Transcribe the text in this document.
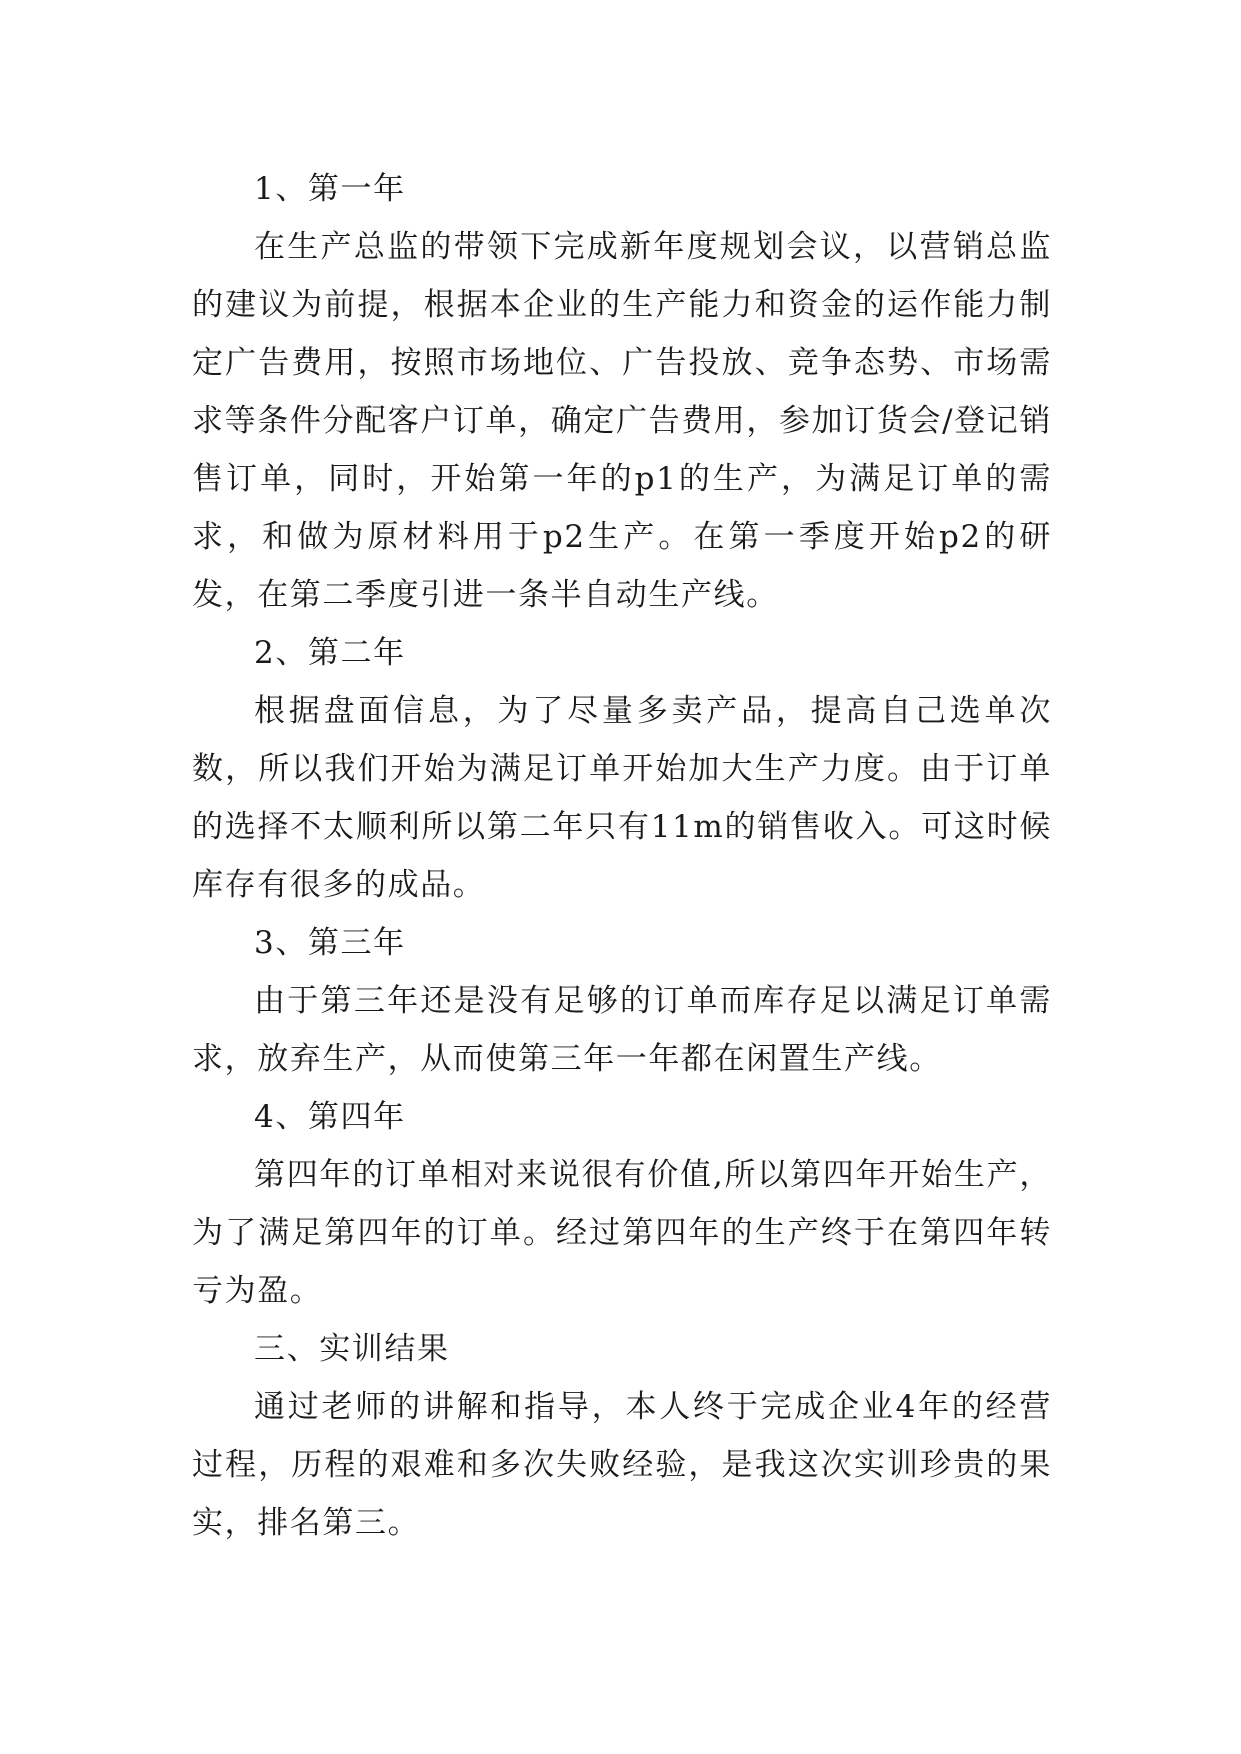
1、第一年

在生产总监的带领下完成新年度规划会议，以营销总监的建议为前提，根据本企业的生产能力和资金的运作能力制定广告费用，按照市场地位、广告投放、竞争态势、市场需求等条件分配客户订单，确定广告费用，参加订货会/登记销售订单，同时，开始第一年的p1的生产，为满足订单的需求，和做为原材料用于p2生产。在第一季度开始p2的研发，在第二季度引进一条半自动生产线。

2、第二年

根据盘面信息，为了尽量多卖产品，提高自己选单次数，所以我们开始为满足订单开始加大生产力度。由于订单的选择不太顺利所以第二年只有11m的销售收入。可这时候库存有很多的成品。

3、第三年

由于第三年还是没有足够的订单而库存足以满足订单需求，放弃生产，从而使第三年一年都在闲置生产线。

4、第四年

第四年的订单相对来说很有价值,所以第四年开始生产，为了满足第四年的订单。经过第四年的生产终于在第四年转亏为盈。

三、实训结果

通过老师的讲解和指导，本人终于完成企业4年的经营过程，历程的艰难和多次失败经验，是我这次实训珍贵的果实，排名第三。
